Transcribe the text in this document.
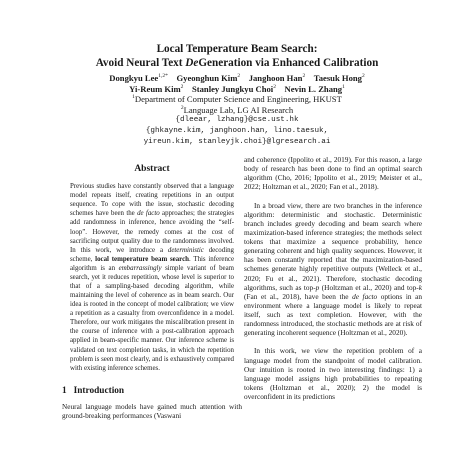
Local Temperature Beam Search:
Avoid Neural Text DeGeneration via Enhanced Calibration
Dongkyu Lee$^{1,2*}$ Gyeonghun Kim$^2$ Janghoon Han$^2$ Taesuk Hong$^2$
Yi-Reum Kim$^2$ Stanley Jungkyu Choi$^2$ Nevin L. Zhang$^1$
$^1$Department of Computer Science and Engineering, HKUST
$^2$Language Lab, LG AI Research
{dleear, lzhang}@cse.ust.hk
{ghkayne.kim, janghoon.han, lino.taesuk,
yireun.kim, stanleyjk.choi}@lgresearch.ai
Abstract
Previous studies have constantly observed that a language model repeats itself, creating repetitions in an output sequence. To cope with the issue, stochastic decoding schemes have been the de facto approaches; the strategies add randomness in inference, hence avoiding the “self-loop”. However, the remedy comes at the cost of sacrificing output quality due to the randomness involved. In this work, we introduce a deterministic decoding scheme, local temperature beam search. This inference algorithm is an embarrassingly simple variant of beam search, yet it reduces repetition, whose level is superior to that of a sampling-based decoding algorithm, while maintaining the level of coherence as in beam search. Our idea is rooted in the concept of model calibration; we view a repetition as a casualty from overconfidence in a model. Therefore, our work mitigates the miscalibration present in the course of inference with a post-calibration approach applied in beam-specific manner. Our inference scheme is validated on text completion tasks, in which the repetition problem is seen most clearly, and is exhaustively compared with existing inference schemes.
1 Introduction

Neural language models have gained much attention with ground-breaking performances (Vaswani

and coherence (Ippolito et al., 2019). For this reason, a large body of research has been done to find an optimal search algorithm (Cho, 2016; Ippolito et al., 2019; Meister et al., 2022; Holtzman et al., 2020; Fan et al., 2018).

In a broad view, there are two branches in the inference algorithm: deterministic and stochastic. Deterministic branch includes greedy decoding and beam search where maximization-based inference strategies; the methods select tokens that maximize a sequence probability, hence generating coherent and high quality sequences. However, it has been constantly reported that the maximization-based schemes generate highly repetitive outputs (Welleck et al., 2020; Fu et al., 2021). Therefore, stochastic decoding algorithms, such as top-p (Holtzman et al., 2020) and top-k (Fan et al., 2018), have been the de facto options in an environment where a language model is likely to repeat itself, such as text completion. However, with the randomness introduced, the stochastic methods are at risk of generating incoherent sequence (Holtzman et al., 2020).

In this work, we view the repetition problem of a language model from the standpoint of model calibration. Our intuition is rooted in two interesting findings: 1) a language model assigns high probabilities to repeating tokens (Holtzman et al., 2020); 2) the model is overconfident in its predictions
